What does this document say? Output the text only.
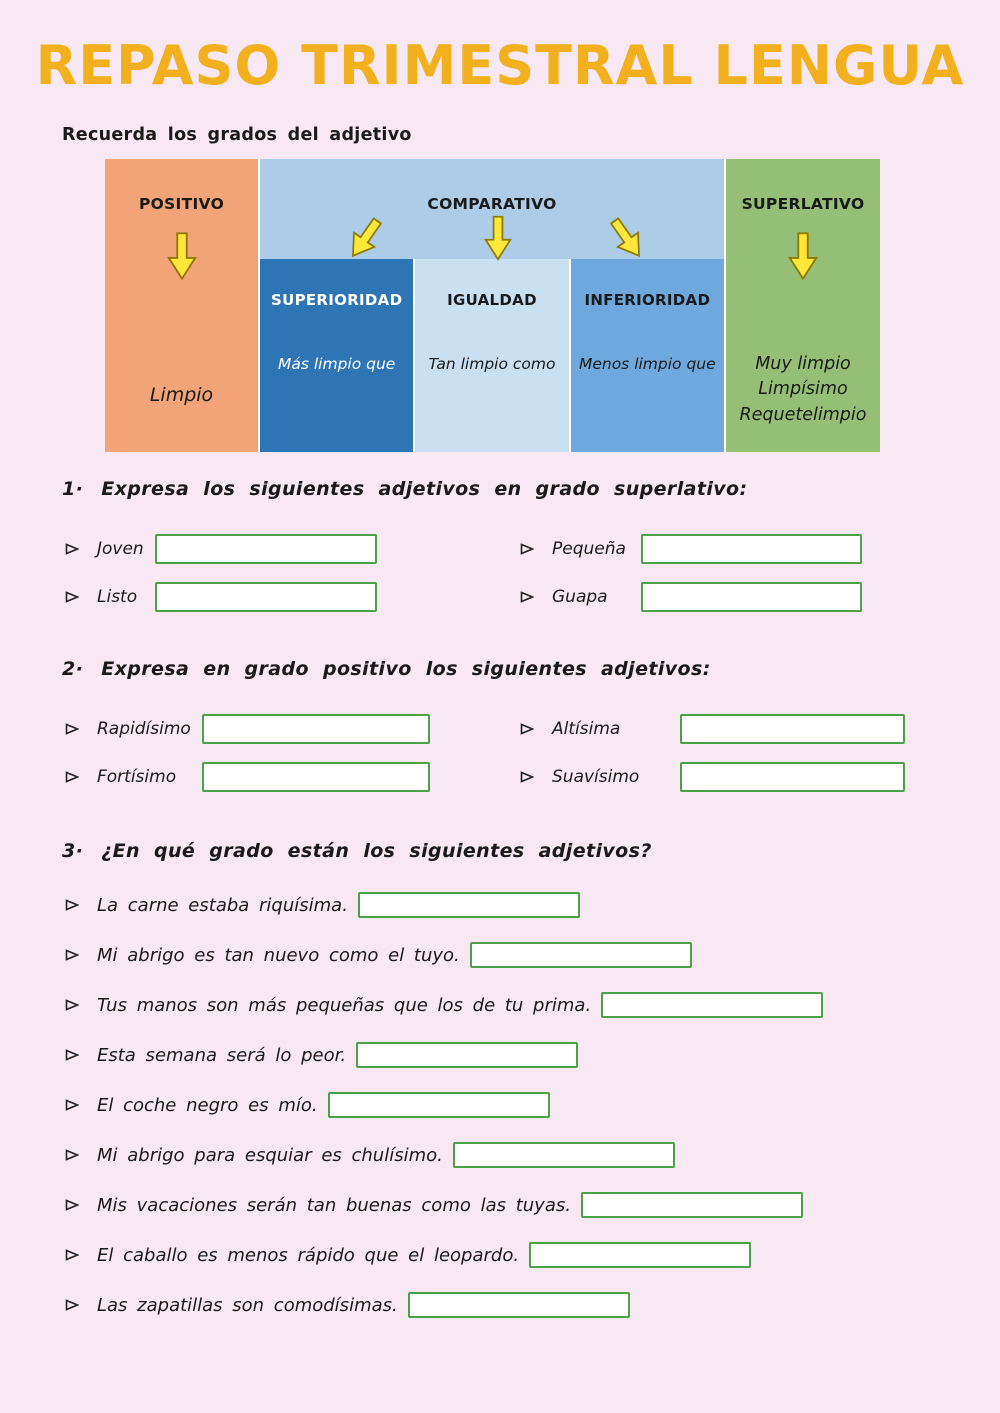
REPASO TRIMESTRAL LENGUA
Recuerda los grados del adjetivo
POSITIVO
Limpio
COMPARATIVO
SUPERIORIDAD
Más limpio que
IGUALDAD
Tan limpio como
INFERIORIDAD
Menos limpio que
SUPERLATIVO
Muy limpio
Limpísimo
Requetelimpio
1· Expresa los siguientes adjetivos en grado superlativo:
Joven	Pequeña
Listo	Guapa
2· Expresa en grado positivo los siguientes adjetivos:
Rapidísimo	Altísima
Fortísimo	Suavísimo
3· ¿En qué grado están los siguientes adjetivos?
La carne estaba riquísima.
Mi abrigo es tan nuevo como el tuyo.
Tus manos son más pequeñas que los de tu prima.
Esta semana será lo peor.
El coche negro es mío.
Mi abrigo para esquiar es chulísimo.
Mis vacaciones serán tan buenas como las tuyas.
El caballo es menos rápido que el leopardo.
Las zapatillas son comodísimas.
